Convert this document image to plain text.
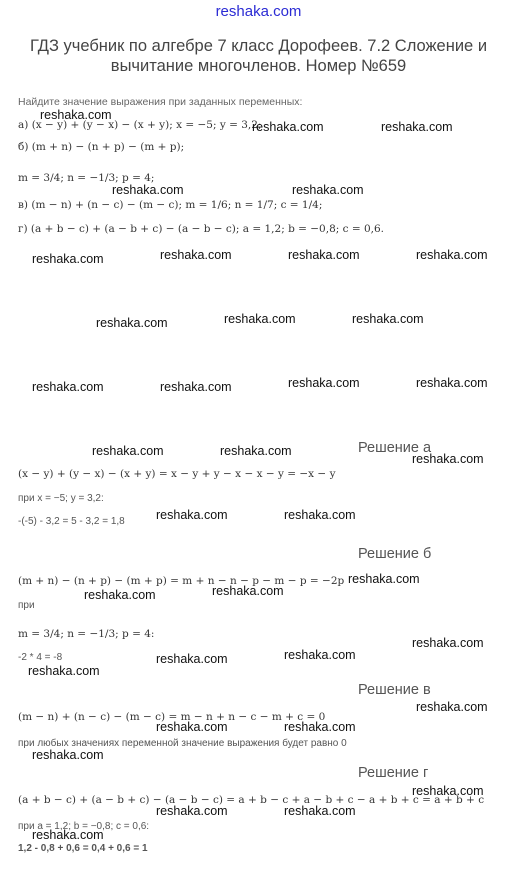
reshaka.com
ГДЗ учебник по алгебре 7 класс Дорофеев. 7.2 Сложение и вычитание многочленов. Номер №659
Найдите значение выражения при заданных переменных:
а) (x − y) + (y − x) − (x + y); x = −5; y = 3,2;
б) (m + n) − (n + p) − (m + p);
m = 3/4; n = −1/3; p = 4;
в) (m − n) + (n − c) − (m − c); m = 1/6; n = 1/7; c = 1/4;
г) (a + b − c) + (a − b + c) − (a − b − c); a = 1,2; b = −0,8; c = 0,6.
Решение а
(x − y) + (y − x) − (x + y) = x − y + y − x − x − y = −x − y
при x = −5; y = 3,2:
-(-5) - 3,2 = 5 - 3,2 = 1,8
Решение б
(m + n) − (n + p) − (m + p) = m + n − n − p − m − p = −2p
при
m = 3/4; n = −1/3; p = 4:
-2 * 4 = -8
Решение в
(m − n) + (n − c) − (m − c) = m − n + n − c − m + c = 0
при любых значениях переменной значение выражения будет равно 0
Решение г
(a + b − c) + (a − b + c) − (a − b − c) = a + b − c + a − b + c − a + b + c = a + b + c
при a = 1,2; b = −0,8; c = 0,6:
1,2 - 0,8 + 0,6 = 0,4 + 0,6 = 1
reshaka.com
reshaka.com	reshaka.com
reshaka.com	reshaka.com
reshaka.com	reshaka.com	reshaka.com	reshaka.com
reshaka.com	reshaka.com	reshaka.com
reshaka.com	reshaka.com	reshaka.com	reshaka.com
reshaka.com	reshaka.com
reshaka.com
reshaka.com	reshaka.com
reshaka.com
reshaka.com	reshaka.com
reshaka.com
reshaka.com	reshaka.com
reshaka.com
reshaka.com
reshaka.com	reshaka.com
reshaka.com
reshaka.com
reshaka.com	reshaka.com
reshaka.com
